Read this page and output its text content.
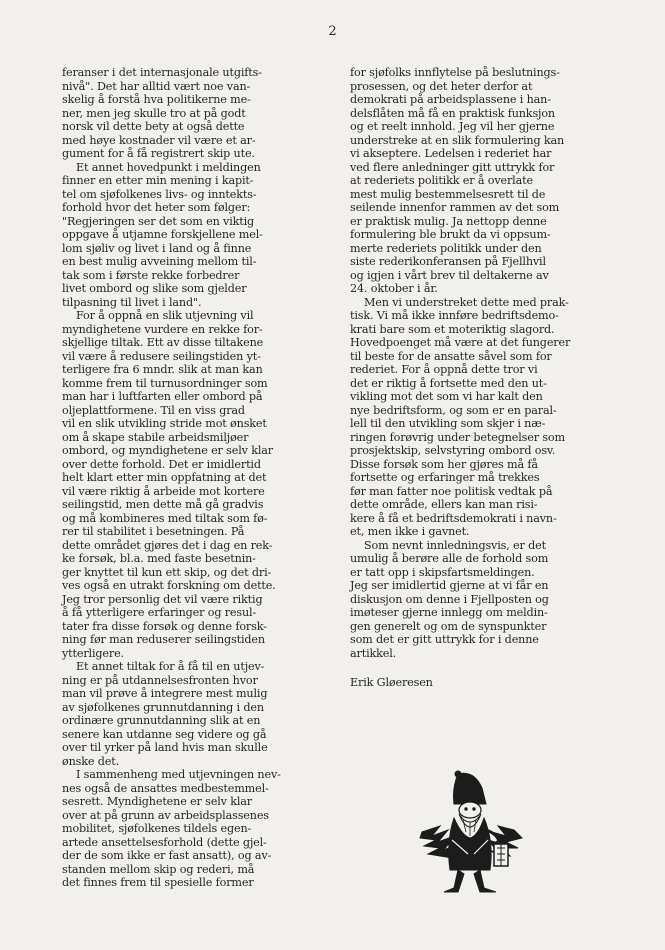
2

feranser i det internasjonale utgifts-
nivå". Det har alltid vært noe van-
skelig å forstå hva politikerne me-
ner, men jeg skulle tro at på godt
norsk vil dette bety at også dette
med høye kostnader vil være et ar-
gument for å få registrert skip ute.

Et annet hovedpunkt i meldingen
finner en etter min mening i kapit-
tel om sjøfolkenes livs- og inntekts-
forhold hvor det heter som følger:
"Regjeringen ser det som en viktig
oppgave å utjamne forskjellene mel-
lom sjøliv og livet i land og å finne
en best mulig avveining mellom til-
tak som i første rekke forbedrer
livet ombord og slike som gjelder
tilpasning til livet i land".

For å oppnå en slik utjevning vil
myndighetene vurdere en rekke for-
skjellige tiltak. Ett av disse tiltakene
vil være å redusere seilingstiden yt-
terligere fra 6 mndr. slik at man kan
komme frem til turnusordninger som
man har i luftfarten eller ombord på
oljeplattformene. Til en viss grad
vil en slik utvikling stride mot ønsket
om å skape stabile arbeidsmiljøer
ombord, og myndighetene er selv klar
over dette forhold. Det er imidlertid
helt klart etter min oppfatning at det
vil være riktig å arbeide mot kortere
seilingstid, men dette må gå gradvis
og må kombineres med tiltak som fø-
rer til stabilitet i besetningen. På
dette området gjøres det i dag en rek-
ke forsøk, bl.a. med faste besetnin-
ger knyttet til kun ett skip, og det dri-
ves også en utrakt forskning om dette.
Jeg tror personlig det vil være riktig
å få ytterligere erfaringer og resul-
tater fra disse forsøk og denne forsk-
ning før man reduserer seilingstiden
ytterligere.

Et annet tiltak for å få til en utjev-
ning er på utdannelsesfronten hvor
man vil prøve å integrere mest mulig
av sjøfolkenes grunnutdanning i den
ordinære grunnutdanning slik at en
senere kan utdanne seg videre og gå
over til yrker på land hvis man skulle
ønske det.

I sammenheng med utjevningen nev-
nes også de ansattes medbestemmel-
sesrett. Myndighetene er selv klar
over at på grunn av arbeidsplassenes
mobilitet, sjøfolkenes tildels egen-
artede ansettelsesforhold (dette gjel-
der de som ikke er fast ansatt), og av-
standen mellom skip og rederi, må
det finnes frem til spesielle former

for sjøfolks innflytelse på beslutnings-
prosessen, og det heter derfor at
demokrati på arbeidsplassene i han-
delsflåten må få en praktisk funksjon
og et reelt innhold. Jeg vil her gjerne
understreke at en slik formulering kan
vi akseptere. Ledelsen i rederiet har
ved flere anledninger gitt uttrykk for
at rederiets politikk er å overlate
mest mulig bestemmelsesrett til de
seilende innenfor rammen av det som
er praktisk mulig. Ja nettopp denne
formulering ble brukt da vi oppsum-
merte rederiets politikk under den
siste rederikonferansen på Fjellhvil
og igjen i vårt brev til deltakerne av
24. oktober i år.

Men vi understreket dette med prak-
tisk. Vi må ikke innføre bedriftsdemo-
krati bare som et moteriktig slagord.
Hovedpoenget må være at det fungerer
til beste for de ansatte såvel som for
rederiet. For å oppnå dette tror vi
det er riktig å fortsette med den ut-
vikling mot det som vi har kalt den
nye bedriftsform, og som er en paral-
lell til den utvikling som skjer i næ-
ringen forøvrig under betegnelser som
prosjektskip, selvstyring ombord osv.
Disse forsøk som her gjøres må få
fortsette og erfaringer må trekkes
før man fatter noe politisk vedtak på
dette område, ellers kan man risi-
kere å få et bedriftsdemokrati i navn-
et, men ikke i gavnet.

Som nevnt innledningsvis, er det
umulig å berøre alle de forhold som
er tatt opp i skipsfartsmeldingen.
Jeg ser imidlertid gjerne at vi får en
diskusjon om denne i Fjellposten og
imøteser gjerne innlegg om meldin-
gen generelt og om de synspunkter
som det er gitt uttrykk for i denne
artikkel.

Erik Gløeresen
